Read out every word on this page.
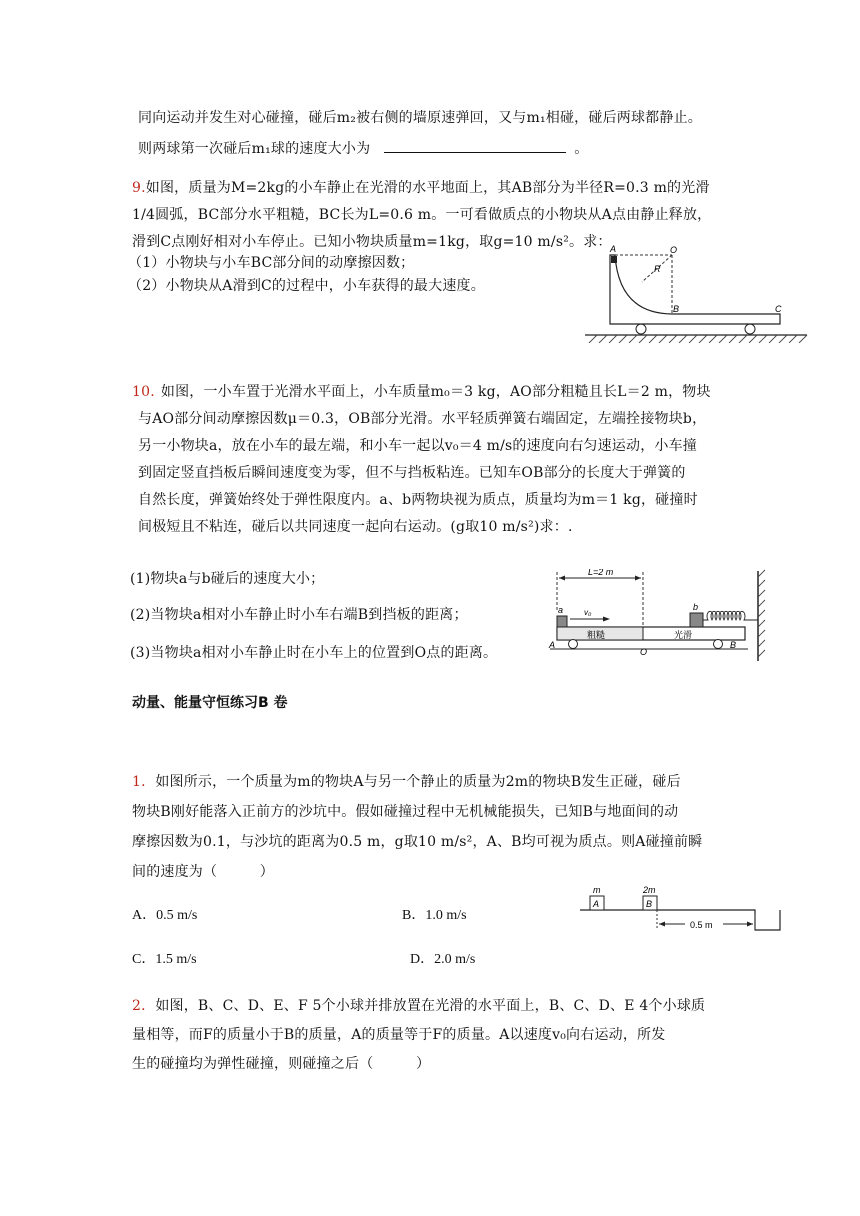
同向运动并发生对心碰撞，碰后m₂被右侧的墙原速弹回，又与m₁相碰，碰后两球都静止。
则两球第一次碰后m₁球的速度大小为	。
9.如图，质量为M=2kg的小车静止在光滑的水平地面上，其AB部分为半径R=0.3 m的光滑
1/4圆弧，BC部分水平粗糙，BC长为L=0.6 m。一可看做质点的小物块从A点由静止释放，
滑到C点刚好相对小车停止。已知小物块质量m=1kg，取g=10 m/s²。求：
（1）小物块与小车BC部分间的动摩擦因数；
（2）小物块从A滑到C的过程中，小车获得的最大速度。
A	O
R
B	C
10. 如图，一小车置于光滑水平面上，小车质量m₀＝3 kg，AO部分粗糙且长L＝2 m，物块
与AO部分间动摩擦因数μ＝0.3，OB部分光滑。水平轻质弹簧右端固定，左端拴接物块b，
另一小物块a，放在小车的最左端，和小车一起以v₀＝4 m/s的速度向右匀速运动，小车撞
到固定竖直挡板后瞬间速度变为零，但不与挡板粘连。已知车OB部分的长度大于弹簧的
自然长度，弹簧始终处于弹性限度内。a、b两物块视为质点，质量均为m＝1 kg，碰撞时
间极短且不粘连，碰后以共同速度一起向右运动。(g取10 m/s²)求：.
(1)物块a与b碰后的速度大小；
(2)当物块a相对小车静止时小车右端B到挡板的距离；
(3)当物块a相对小车静止时在小车上的位置到O点的距离。
L=2 m
粗糙	光滑
a	v₀
b
A
O
B
动量、能量守恒练习B 卷
1．如图所示，一个质量为m的物块A与另一个静止的质量为2m的物块B发生正碰，碰后
物块B刚好能落入正前方的沙坑中。假如碰撞过程中无机械能损失，已知B与地面间的动
摩擦因数为0.1，与沙坑的距离为0.5 m，g取10 m/s²，A、B均可视为质点。则A碰撞前瞬
间的速度为（　　　）
A．0.5 m/s	B．1.0 m/s
C．1.5 m/s	D．2.0 m/s
A
m
B
2m
0.5 m
2．如图，B、C、D、E、F 5个小球并排放置在光滑的水平面上，B、C、D、E 4个小球质
量相等，而F的质量小于B的质量，A的质量等于F的质量。A以速度v₀向右运动，所发
生的碰撞均为弹性碰撞，则碰撞之后（　　　）
